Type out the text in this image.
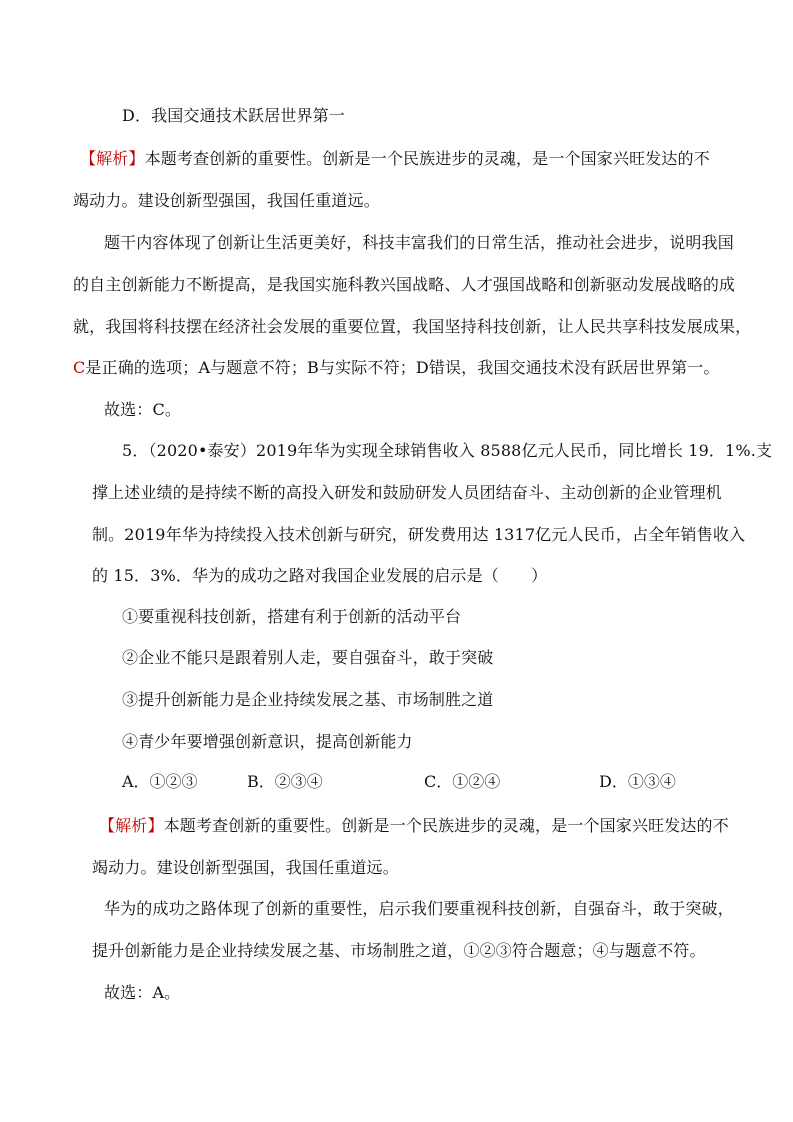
D．我国交通技术跃居世界第一
【解析】本题考查创新的重要性。创新是一个民族进步的灵魂，是一个国家兴旺发达的不
竭动力。建设创新型强国，我国任重道远。
题干内容体现了创新让生活更美好，科技丰富我们的日常生活，推动社会进步，说明我国
的自主创新能力不断提高，是我国实施科教兴国战略、人才强国战略和创新驱动发展战略的成
就，我国将科技摆在经济社会发展的重要位置，我国坚持科技创新，让人民共享科技发展成果，
C是正确的选项；A与题意不符；B与实际不符；D错误，我国交通技术没有跃居世界第一。
故选：C。
5．（2020•泰安）2019年华为实现全球销售收入 8588亿元人民币，同比增长 19．1%.支
撑上述业绩的是持续不断的高投入研发和鼓励研发人员团结奋斗、主动创新的企业管理机
制。2019年华为持续投入技术创新与研究，研发费用达 1317亿元人民币，占全年销售收入
的 15．3%．华为的成功之路对我国企业发展的启示是（　　）
①要重视科技创新，搭建有利于创新的活动平台
②企业不能只是跟着别人走，要自强奋斗，敢于突破
③提升创新能力是企业持续发展之基、市场制胜之道
④青少年要增强创新意识，提高创新能力
A．①②③	B．②③④	C．①②④	D．①③④
【解析】本题考查创新的重要性。创新是一个民族进步的灵魂，是一个国家兴旺发达的不
竭动力。建设创新型强国，我国任重道远。
华为的成功之路体现了创新的重要性，启示我们要重视科技创新，自强奋斗，敢于突破，
提升创新能力是企业持续发展之基、市场制胜之道，①②③符合题意；④与题意不符。
故选：A。
